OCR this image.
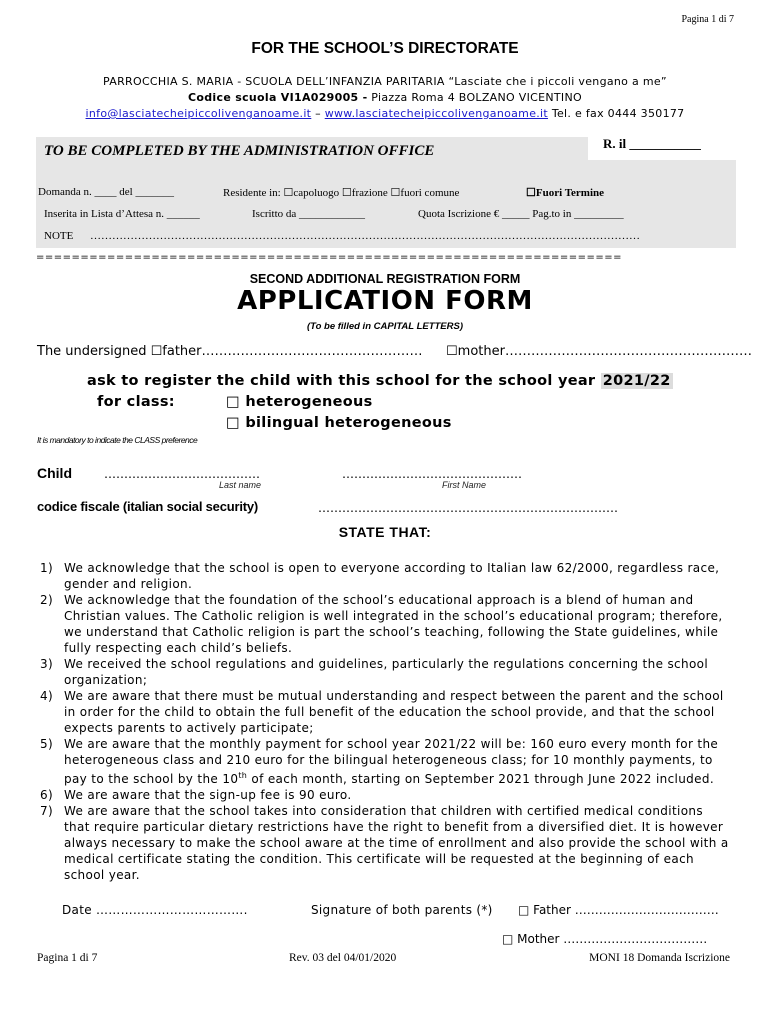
Pagina 1 di 7
FOR THE SCHOOL’S DIRECTORATE
PARROCCHIA S. MARIA - SCUOLA DELL’INFANZIA PARITARIA “Lasciate che i piccoli vengano a me”
Codice scuola VI1A029005 - Piazza Roma 4 BOLZANO VICENTINO
info@lasciatecheipiccolivenganoame.it – www.lasciatecheipiccolivenganoame.it Tel. e fax 0444 350177
TO BE COMPLETED BY THE ADMINISTRATION OFFICE	R. il ___________
Domanda n. ____ del _______	Residente in: ☐capoluogo ☐frazione ☐fuori comune	☐Fuori Termine
Inserita in Lista d’Attesa n. ______	Iscritto da ____________	Quota Iscrizione € _____ Pag.to in _________
NOTE ……………………………………………………………………………………………………………………………………
==================================================================
SECOND ADDITIONAL REGISTRATION FORM
APPLICATION FORM
(To be filled in CAPITAL LETTERS)
The undersigned ☐father…………………………………………… ☐mother…………………………………………………
ask to register the child with this school for the school year 2021/22
for class:	□ heterogeneous
□ bilingual heterogeneous
It is mandatory to indicate the CLASS preference
Child	…………………………………	………………………………………
Last name	First Name
codice fiscale (italian social security)	…………………………………………………………………
STATE THAT:
1) We acknowledge that the school is open to everyone according to Italian law 62/2000, regardless race, gender and religion.
2) We acknowledge that the foundation of the school’s educational approach is a blend of human and Christian values. The Catholic religion is well integrated in the school’s educational program; therefore, we understand that Catholic religion is part the school’s teaching, following the State guidelines, while fully respecting each child’s beliefs.
3) We received the school regulations and guidelines, particularly the regulations concerning the school organization;
4) We are aware that there must be mutual understanding and respect between the parent and the school in order for the child to obtain the full benefit of the education the school provide, and that the school expects parents to actively participate;
5) We are aware that the monthly payment for school year 2021/22 will be: 160 euro every month for the heterogeneous class and 210 euro for the bilingual heterogeneous class; for 10 monthly payments, to pay to the school by the 10th of each month, starting on September 2021 through June 2022 included.
6) We are aware that the sign-up fee is 90 euro.
7) We are aware that the school takes into consideration that children with certified medical conditions that require particular dietary restrictions have the right to benefit from a diversified diet. It is however always necessary to make the school aware at the time of enrollment and also provide the school with a medical certificate stating the condition. This certificate will be requested at the beginning of each school year.
Date ……………………………….	Signature of both parents (*) □ Father ………………………………
□ Mother ………………………………
Pagina 1 di 7	Rev. 03 del 04/01/2020	MONI 18 Domanda Iscrizione
